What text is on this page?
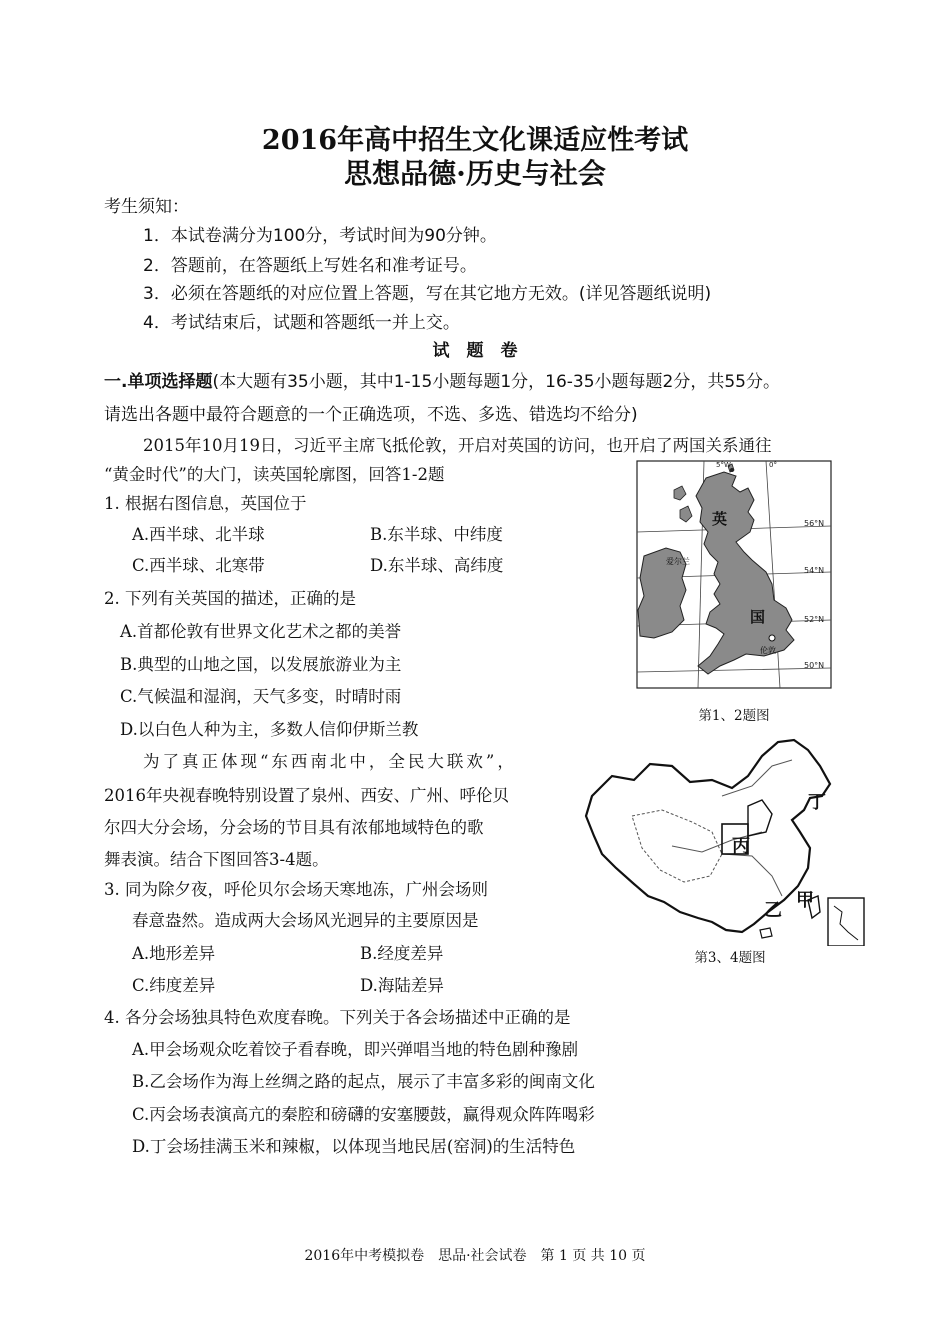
2016年高中招生文化课适应性考试
思想品德·历史与社会
考生须知：
1．本试卷满分为100分，考试时间为90分钟。
2．答题前，在答题纸上写姓名和准考证号。
3．必须在答题纸的对应位置上答题，写在其它地方无效。(详见答题纸说明)
4．考试结束后，试题和答题纸一并上交。
试　题　卷
一.单项选择题(本大题有35小题，其中1-15小题每题1分，16-35小题每题2分，共55分。
请选出各题中最符合题意的一个正确选项，不选、多选、错选均不给分)
2015年10月19日，习近平主席飞抵伦敦，开启对英国的访问，也开启了两国关系通往
“黄金时代”的大门，读英国轮廓图，回答1-2题
1. 根据右图信息，英国位于
A.西半球、北半球	B.东半球、中纬度
C.西半球、北寒带	D.东半球、高纬度
2. 下列有关英国的描述，正确的是
A.首都伦敦有世界文化艺术之都的美誉
B.典型的山地之国，以发展旅游业为主
C.气候温和湿润，天气多变，时晴时雨
D.以白色人种为主，多数人信仰伊斯兰教
5°W	0°
56°N
54°N
52°N
50°N
英
国
爱尔兰
伦敦
第1、2题图
为了真正体现“东西南北中，全民大联欢”，
2016年央视春晚特别设置了泉州、西安、广州、呼伦贝
尔四大分会场，分会场的节目具有浓郁地域特色的歌
舞表演。结合下图回答3-4题。
丁
丙
甲
乙
第3、4题图
3. 同为除夕夜，呼伦贝尔会场天寒地冻，广州会场则
春意盎然。造成两大会场风光迥异的主要原因是
A.地形差异	B.经度差异
C.纬度差异	D.海陆差异
4. 各分会场独具特色欢度春晚。下列关于各会场描述中正确的是
A.甲会场观众吃着饺子看春晚，即兴弹唱当地的特色剧种豫剧
B.乙会场作为海上丝绸之路的起点，展示了丰富多彩的闽南文化
C.丙会场表演高亢的秦腔和磅礴的安塞腰鼓，赢得观众阵阵喝彩
D.丁会场挂满玉米和辣椒，以体现当地民居(窑洞)的生活特色
2016年中考模拟卷　思品·社会试卷　第 1 页 共 10 页
